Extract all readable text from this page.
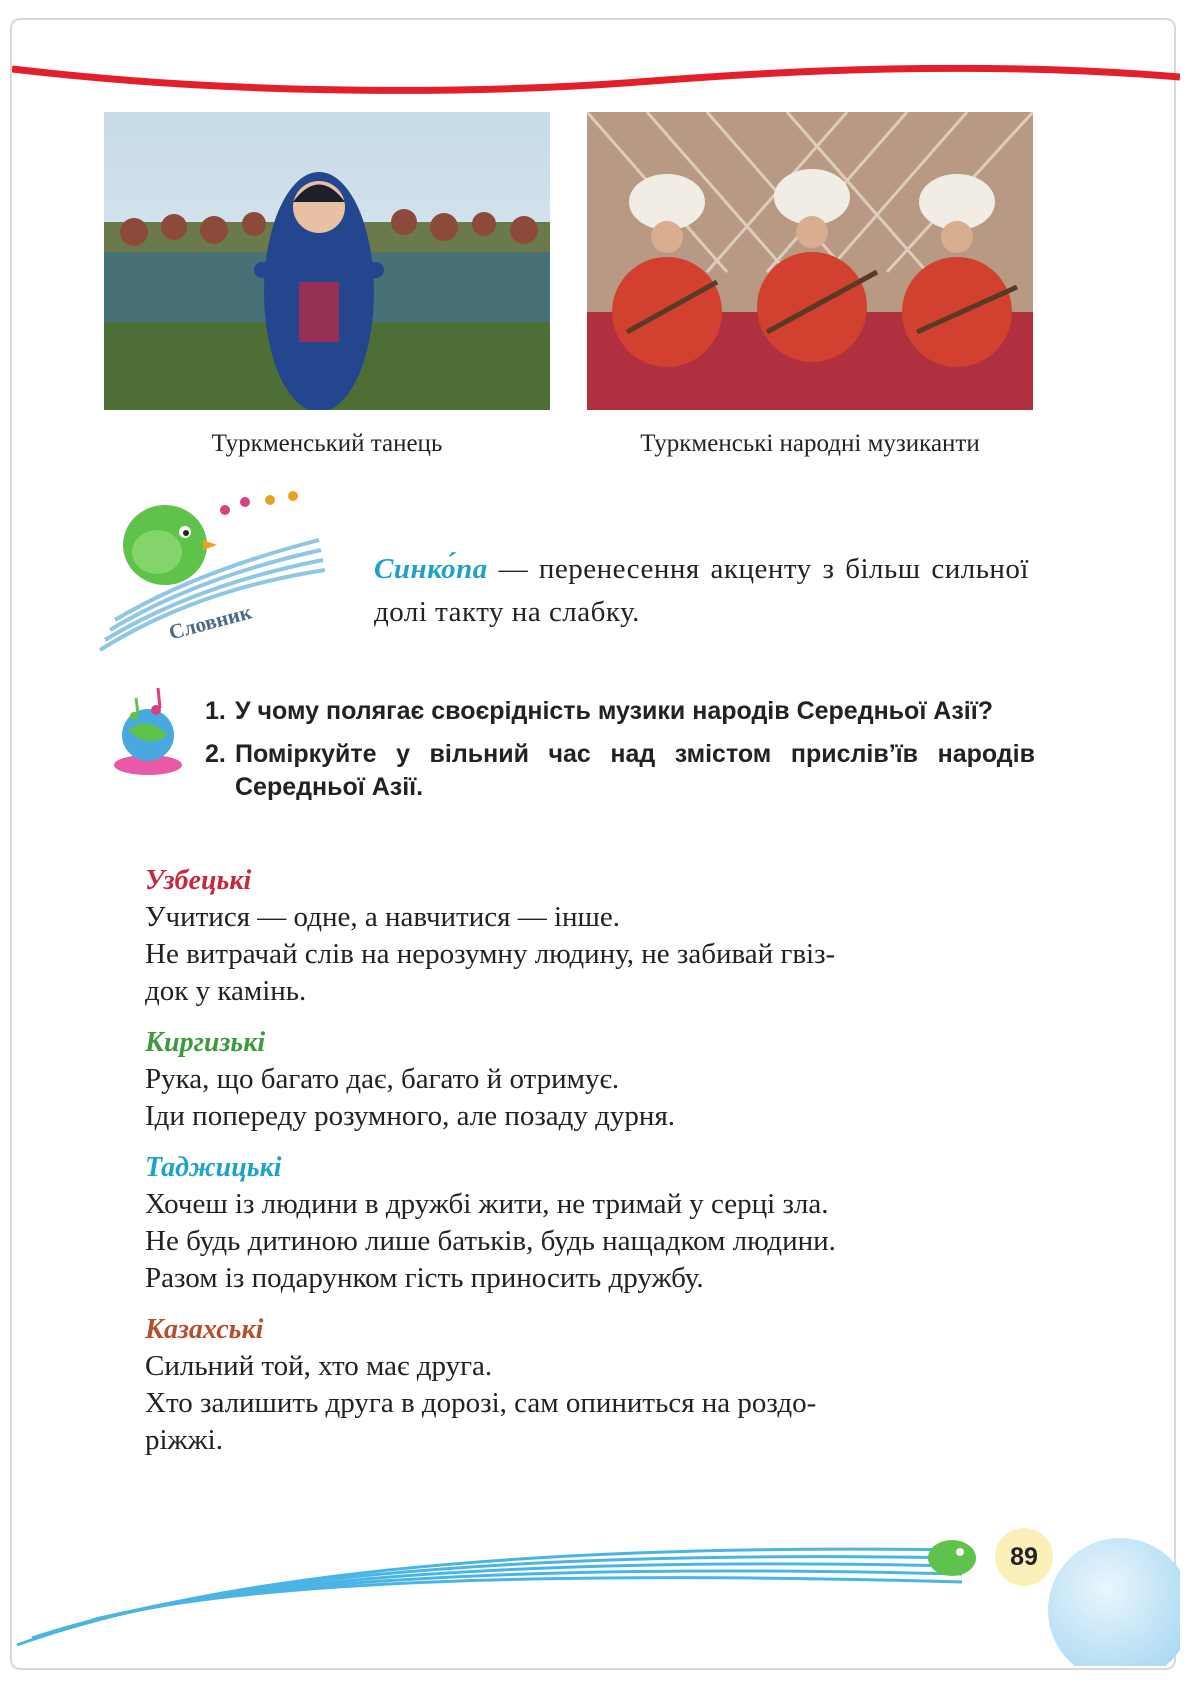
Туркменський танець	Туркменські народні музиканти
Словник
Синко́па — перенесення акценту з більш сильної долі такту на слабку.
1. У чому полягає своєрідність музики народів Середньої Азії?
2. Поміркуйте у вільний час над змістом прислів’їв народів Середньої Азії.
Узбецькі
Учитися — одне, а навчитися — інше.
Не витрачай слів на нерозумну людину, не забивай гвіз-
док у камінь.
Киргизькі
Рука, що багато дає, багато й отримує.
Іди попереду розумного, але позаду дурня.
Таджицькі
Хочеш із людини в дружбі жити, не тримай у серці зла.
Не будь дитиною лише батьків, будь нащадком людини.
Разом із подарунком гість приносить дружбу.
Казахські
Сильний той, хто має друга.
Хто залишить друга в дорозі, сам опиниться на роздо-
ріжжі.
89
